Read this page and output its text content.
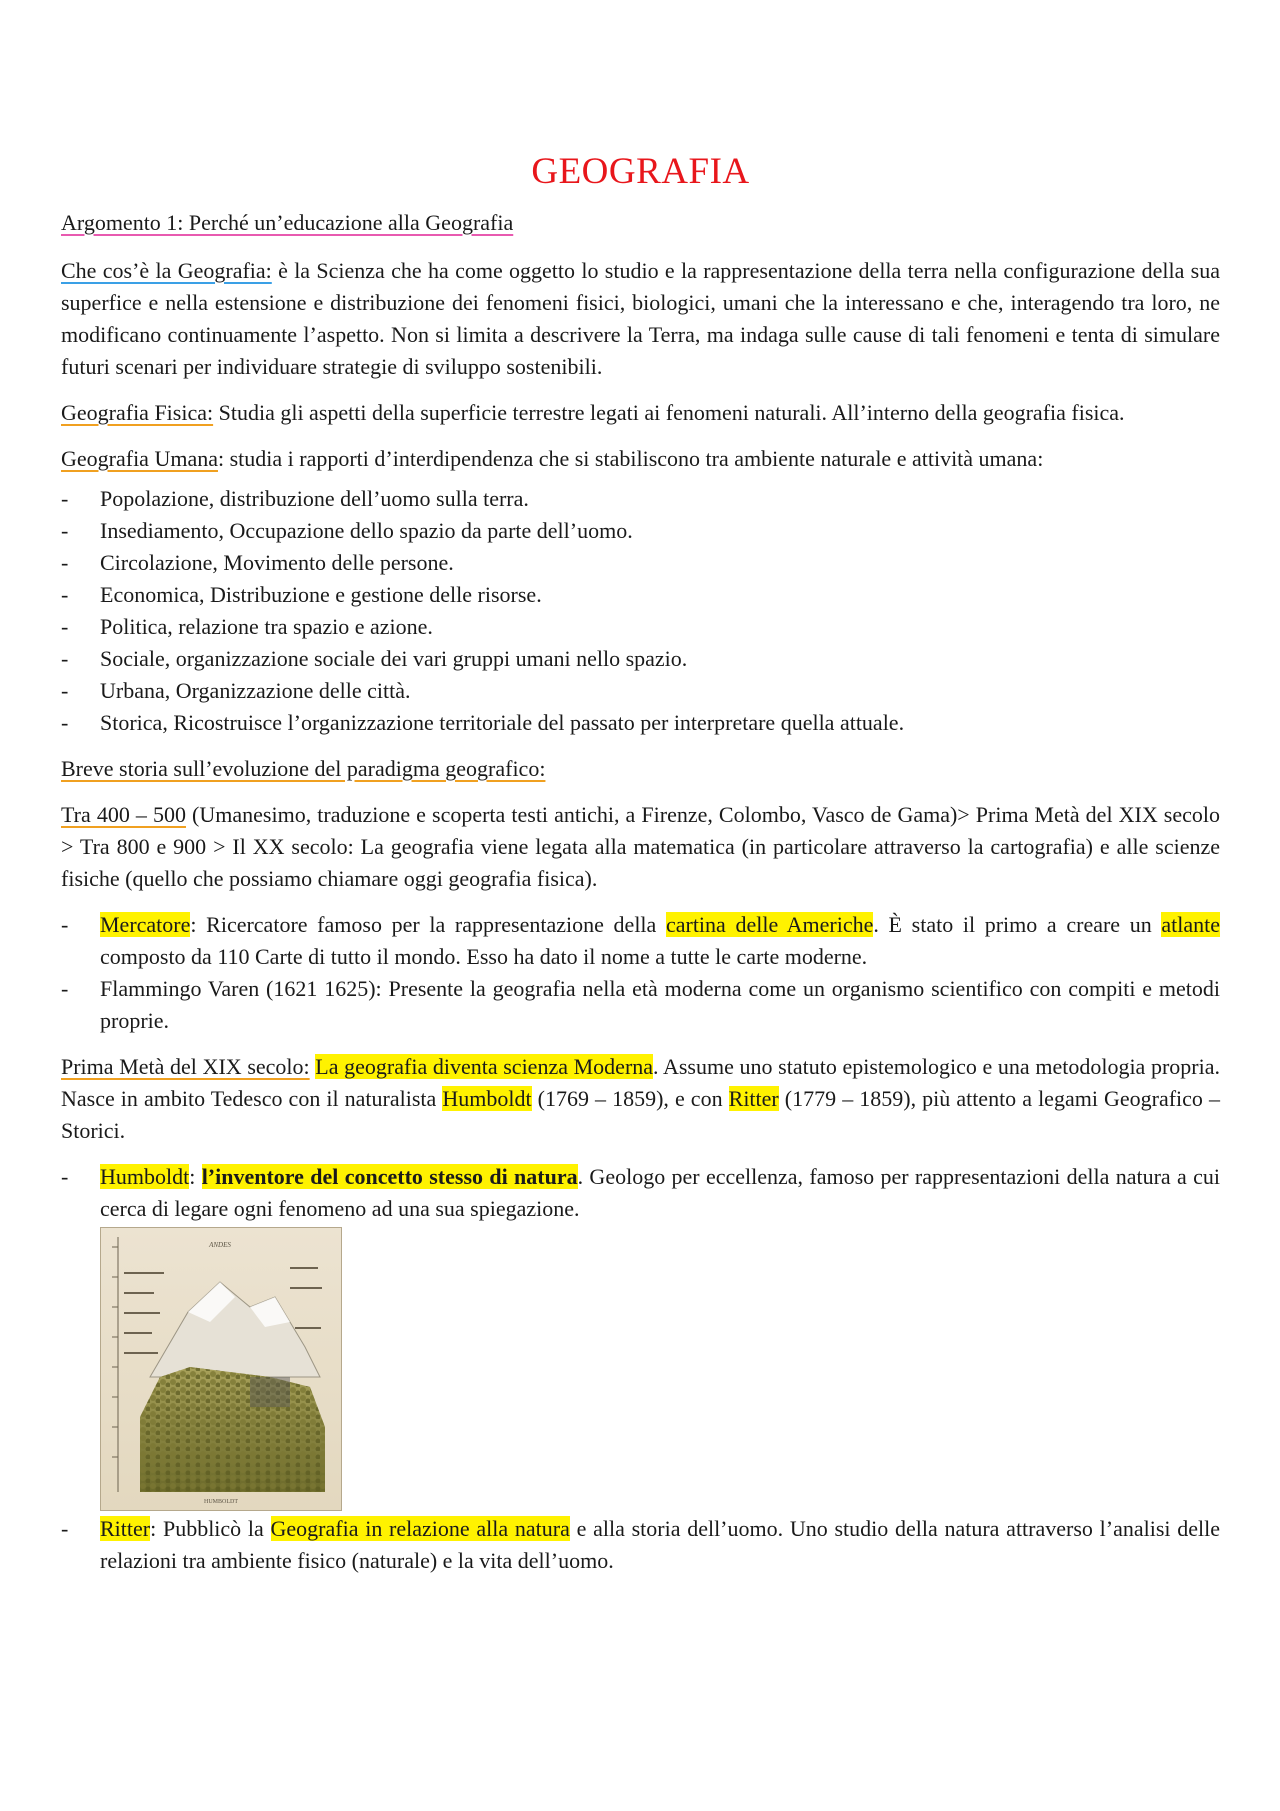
GEOGRAFIA

Argomento 1: Perché un’educazione alla Geografia

Che cos’è la Geografia: è la Scienza che ha come oggetto lo studio e la rappresentazione della terra nella configurazione della sua superfice e nella estensione e distribuzione dei fenomeni fisici, biologici, umani che la interessano e che, interagendo tra loro, ne modificano continuamente l’aspetto. Non si limita a descrivere la Terra, ma indaga sulle cause di tali fenomeni e tenta di simulare futuri scenari per individuare strategie di sviluppo sostenibili.

Geografia Fisica: Studia gli aspetti della superficie terrestre legati ai fenomeni naturali. All’interno della geografia fisica.

Geografia Umana: studia i rapporti d’interdipendenza che si stabiliscono tra ambiente naturale e attività umana:

- Popolazione, distribuzione dell’uomo sulla terra.
- Insediamento, Occupazione dello spazio da parte dell’uomo.
- Circolazione, Movimento delle persone.
- Economica, Distribuzione e gestione delle risorse.
- Politica, relazione tra spazio e azione.
- Sociale, organizzazione sociale dei vari gruppi umani nello spazio.
- Urbana, Organizzazione delle città.
- Storica, Ricostruisce l’organizzazione territoriale del passato per interpretare quella attuale.

Breve storia sull’evoluzione del paradigma geografico:

Tra 400 – 500 (Umanesimo, traduzione e scoperta testi antichi, a Firenze, Colombo, Vasco de Gama)> Prima Metà del XIX secolo > Tra 800 e 900 > Il XX secolo: La geografia viene legata alla matematica (in particolare attraverso la cartografia) e alle scienze fisiche (quello che possiamo chiamare oggi geografia fisica).

- Mercatore: Ricercatore famoso per la rappresentazione della cartina delle Americhe. È stato il primo a creare un atlante composto da 110 Carte di tutto il mondo. Esso ha dato il nome a tutte le carte moderne.
- Flammingo Varen (1621 1625): Presente la geografia nella età moderna come un organismo scientifico con compiti e metodi proprie.

Prima Metà del XIX secolo: La geografia diventa scienza Moderna. Assume uno statuto epistemologico e una metodologia propria. Nasce in ambito Tedesco con il naturalista Humboldt (1769 – 1859), e con Ritter (1779 – 1859), più attento a legami Geografico – Storici.

- Humboldt: l’inventore del concetto stesso di natura. Geologo per eccellenza, famoso per rappresentazioni della natura a cui cerca di legare ogni fenomeno ad una sua spiegazione.
ANDES
HUMBOLDT
- Ritter: Pubblicò la Geografia in relazione alla natura e alla storia dell’uomo. Uno studio della natura attraverso l’analisi delle relazioni tra ambiente fisico (naturale) e la vita dell’uomo.
